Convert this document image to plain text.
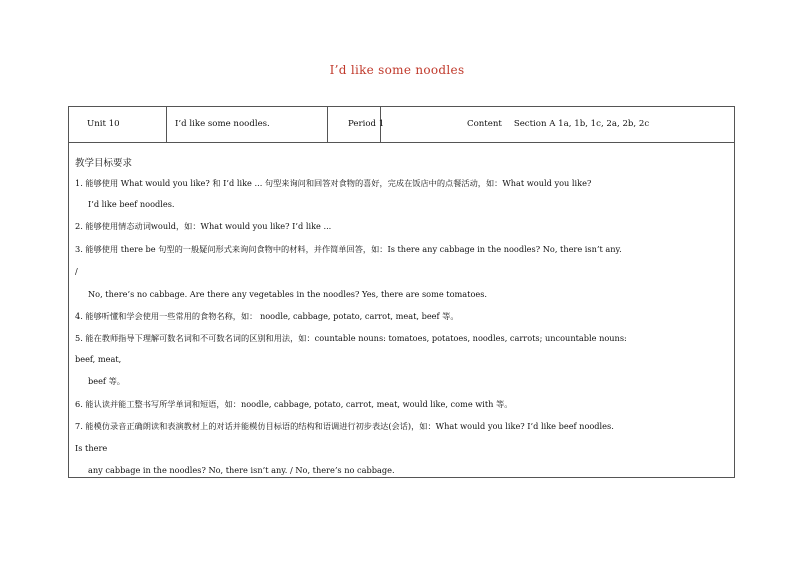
I’d like some noodles
Unit 10	I’d like some noodles.	Period 1	Content Section A 1a, 1b, 1c, 2a, 2b, 2c
教学目标要求
1. 能够使用 What would you like? 和 I’d like ... 句型来询问和回答对食物的喜好，完成在饭店中的点餐活动，如：What would you like?
I’d like beef noodles.
2. 能够使用情态动词would，如：What would you like? I’d like ...
3. 能够使用 there be 句型的一般疑问形式来询问食物中的材料，并作简单回答，如：Is there any cabbage in the noodles? No, there isn’t any.
/
No, there’s no cabbage. Are there any vegetables in the noodles? Yes, there are some tomatoes.
4. 能够听懂和学会使用一些常用的食物名称，如： noodle, cabbage, potato, carrot, meat, beef 等。
5. 能在教师指导下理解可数名词和不可数名词的区别和用法，如：countable nouns: tomatoes, potatoes, noodles, carrots; uncountable nouns:
beef, meat,
beef 等。
6. 能认读并能工整书写所学单词和短语，如：noodle, cabbage, potato, carrot, meat, would like, come with 等。
7. 能模仿录音正确朗读和表演教材上的对话并能模仿目标语的结构和语调进行初步表达(会话)，如：What would you like? I’d like beef noodles.
Is there
any cabbage in the noodles? No, there isn’t any. / No, there’s no cabbage.
